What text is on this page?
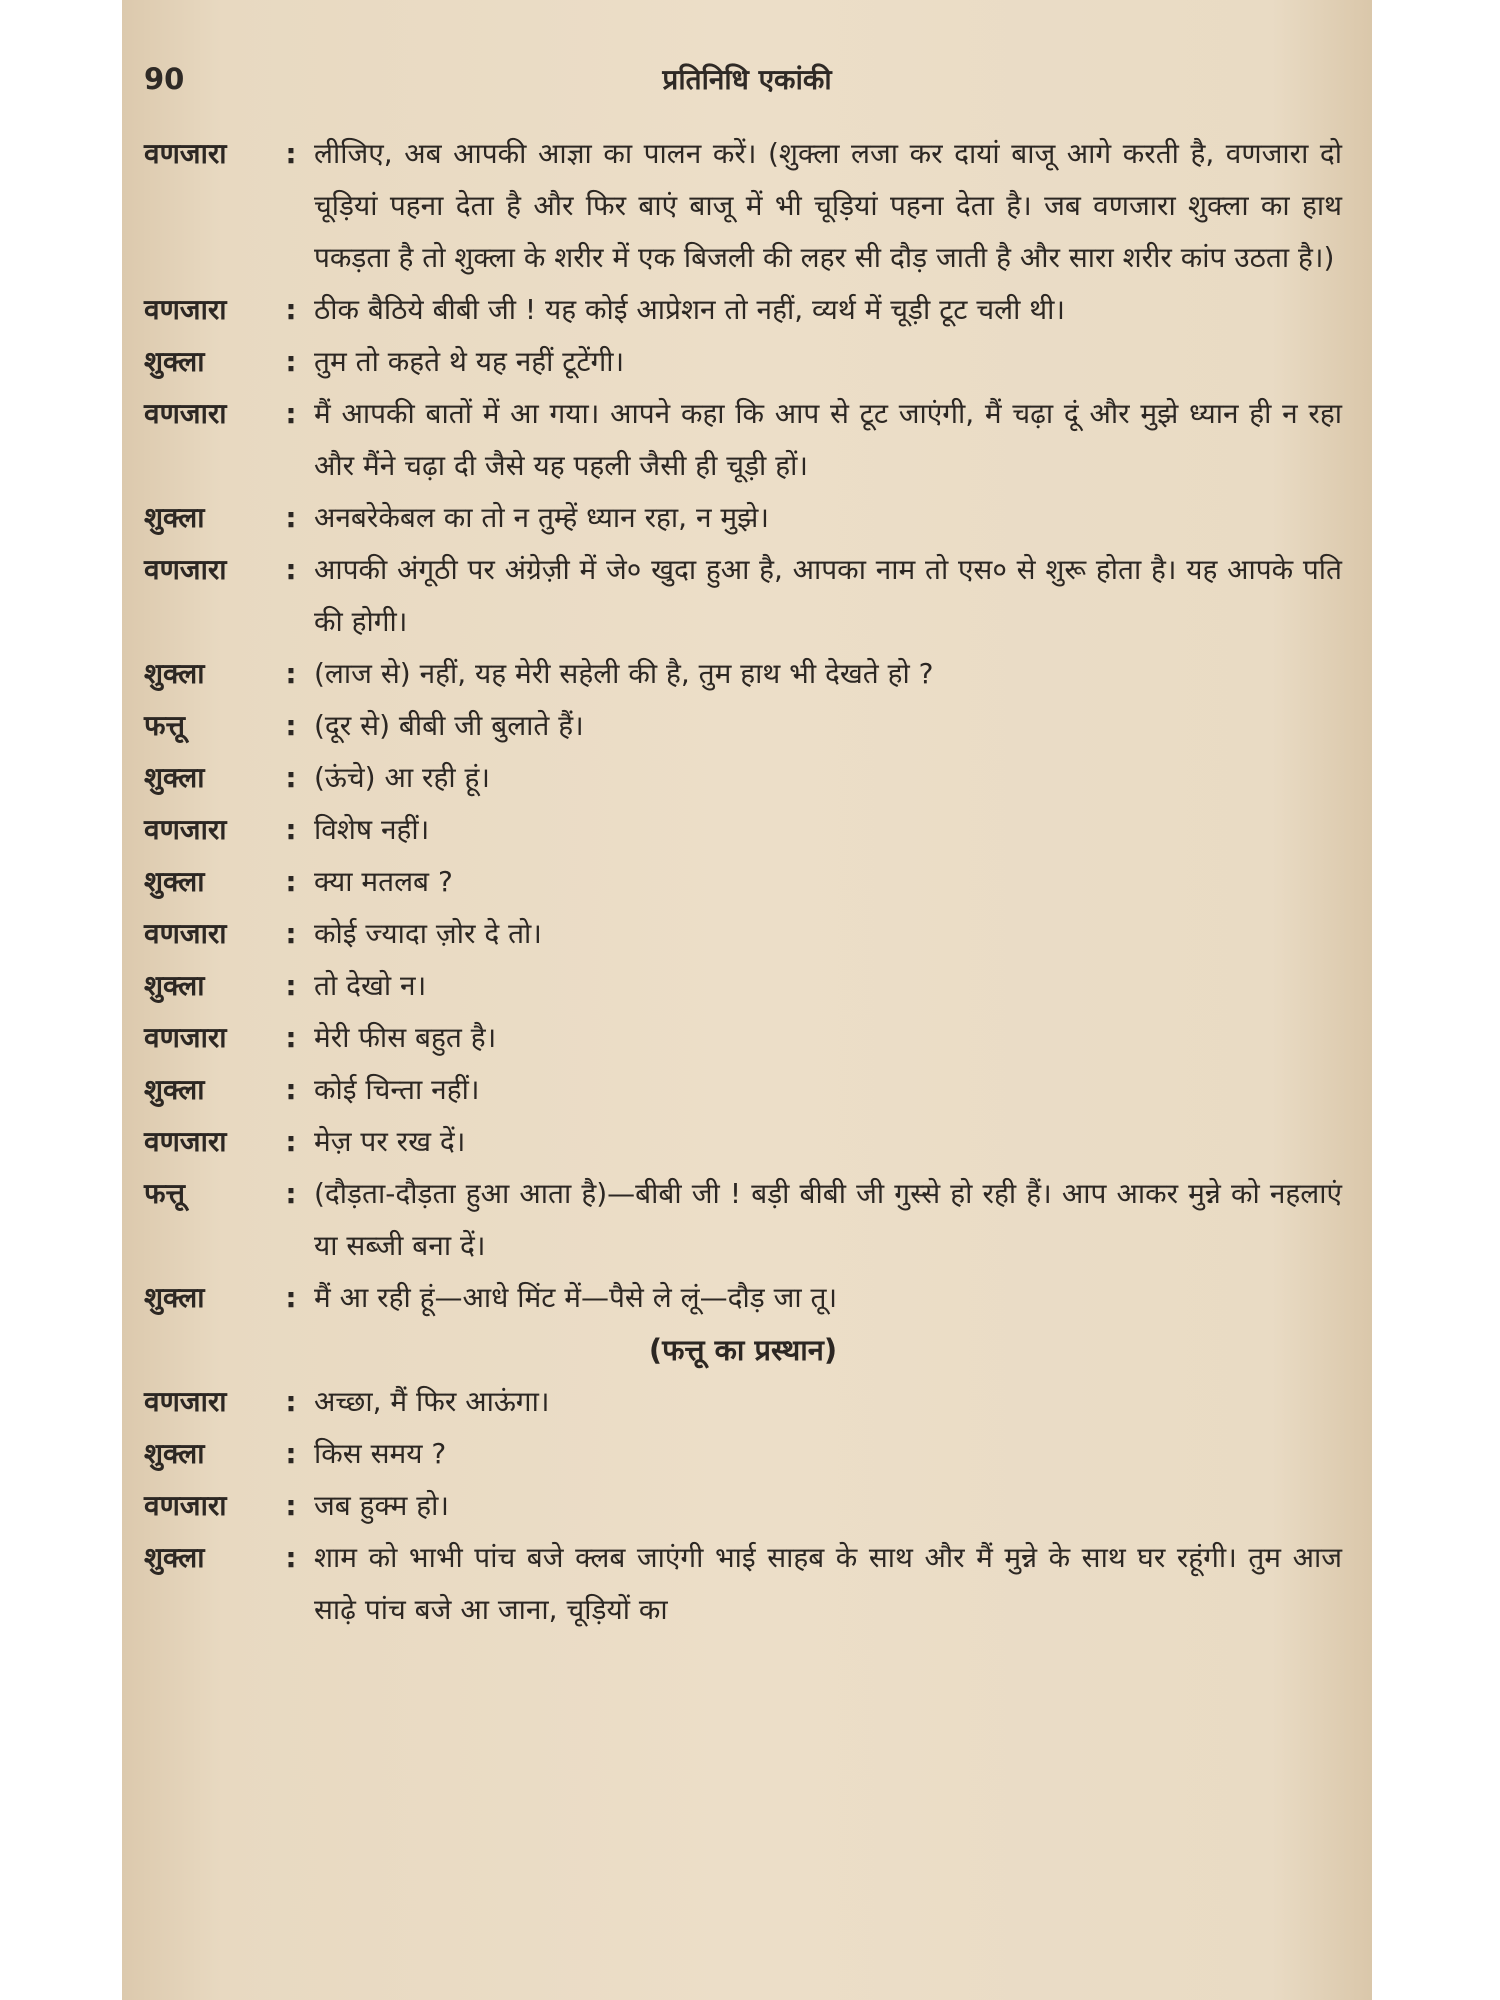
90	प्रतिनिधि एकांकी
वणजारा	: लीजिए, अब आपकी आज्ञा का पालन करें। (शुक्ला लजा कर दायां बाजू आगे करती है, वणजारा दो चूड़ियां पहना देता है और फिर बाएं बाजू में भी चूड़ियां पहना देता है। जब वणजारा शुक्ला का हाथ पकड़ता है तो शुक्ला के शरीर में एक बिजली की लहर सी दौड़ जाती है और सारा शरीर कांप उठता है।)
वणजारा	: ठीक बैठिये बीबी जी ! यह कोई आप्रेशन तो नहीं, व्यर्थ में चूड़ी टूट चली थी।
शुक्ला	: तुम तो कहते थे यह नहीं टूटेंगी।
वणजारा	: मैं आपकी बातों में आ गया। आपने कहा कि आप से टूट जाएंगी, मैं चढ़ा दूं और मुझे ध्यान ही न रहा और मैंने चढ़ा दी जैसे यह पहली जैसी ही चूड़ी हों।
शुक्ला	: अनबरेकेबल का तो न तुम्हें ध्यान रहा, न मुझे।
वणजारा	: आपकी अंगूठी पर अंग्रेज़ी में जे० खुदा हुआ है, आपका नाम तो एस० से शुरू होता है। यह आपके पति की होगी।
शुक्ला	: (लाज से) नहीं, यह मेरी सहेली की है, तुम हाथ भी देखते हो ?
फत्तू	: (दूर से) बीबी जी बुलाते हैं।
शुक्ला	: (ऊंचे) आ रही हूं।
वणजारा	: विशेष नहीं।
शुक्ला	: क्या मतलब ?
वणजारा	: कोई ज्यादा ज़ोर दे तो।
शुक्ला	: तो देखो न।
वणजारा	: मेरी फीस बहुत है।
शुक्ला	: कोई चिन्ता नहीं।
वणजारा	: मेज़ पर रख दें।
फत्तू	: (दौड़ता-दौड़ता हुआ आता है)—बीबी जी ! बड़ी बीबी जी गुस्से हो रही हैं। आप आकर मुन्ने को नहलाएं या सब्जी बना दें।
शुक्ला	: मैं आ रही हूं—आधे मिंट में—पैसे ले लूं—दौड़ जा तू।
(फत्तू का प्रस्थान)
वणजारा	: अच्छा, मैं फिर आऊंगा।
शुक्ला	: किस समय ?
वणजारा	: जब हुक्म हो।
शुक्ला	: शाम को भाभी पांच बजे क्लब जाएंगी भाई साहब के साथ और मैं मुन्ने के साथ घर रहूंगी। तुम आज साढ़े पांच बजे आ जाना, चूड़ियों का
